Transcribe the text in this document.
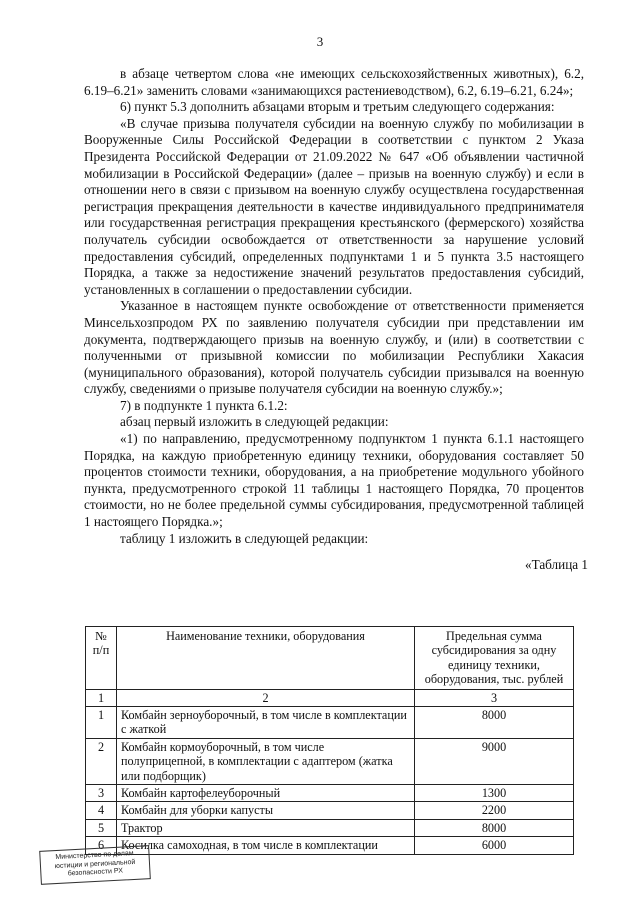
3

в абзаце четвертом слова «не имеющих сельскохозяйственных животных), 6.2, 6.19–6.21» заменить словами «занимающихся растениеводством), 6.2, 6.19–6.21, 6.24»;

6) пункт 5.3 дополнить абзацами вторым и третьим следующего содержания:

«В случае призыва получателя субсидии на военную службу по мобилизации в Вооруженные Силы Российской Федерации в соответствии с пунктом 2 Указа Президента Российской Федерации от 21.09.2022 № 647 «Об объявлении частичной мобилизации в Российской Федерации» (далее – призыв на военную службу) и если в отношении него в связи с призывом на военную службу осуществлена государственная регистрация прекращения деятельности в качестве индивидуального предпринимателя или государственная регистрация прекращения крестьянского (фермерского) хозяйства получатель субсидии освобождается от ответственности за нарушение условий предоставления субсидий, определенных подпунктами 1 и 5 пункта 3.5 настоящего Порядка, а также за недостижение значений результатов предоставления субсидий, установленных в соглашении о предоставлении субсидии.

Указанное в настоящем пункте освобождение от ответственности применяется Минсельхозпродом РХ по заявлению получателя субсидии при представлении им документа, подтверждающего призыв на военную службу, и (или) в соответствии с полученными от призывной комиссии по мобилизации Республики Хакасия (муниципального образования), которой получатель субсидии призывался на военную службу, сведениями о призыве получателя субсидии на военную службу.»;

7) в подпункте 1 пункта 6.1.2:

абзац первый изложить в следующей редакции:

«1) по направлению, предусмотренному подпунктом 1 пункта 6.1.1 настоящего Порядка, на каждую приобретенную единицу техники, оборудования составляет 50 процентов стоимости техники, оборудования, а на приобретение модульного убойного пункта, предусмотренного строкой 11 таблицы 1 настоящего Порядка, 70 процентов стоимости, но не более предельной суммы субсидирования, предусмотренной таблицей 1 настоящего Порядка.»;

таблицу 1 изложить в следующей редакции:

«Таблица 1

№ п/п	Наименование техники, оборудования	Предельная сумма субсидирования за одну единицу техники, оборудования, тыс. рублей
1	2	3
1	Комбайн зерноуборочный, в том числе в комплектации с жаткой	8000
2	Комбайн кормоуборочный, в том числе полуприцепной, в комплектации с адаптером (жатка или подборщик)	9000
3	Комбайн картофелеуборочный	1300
4	Комбайн для уборки капусты	2200
5	Трактор	8000
6	Косилка самоходная, в том числе в комплектации	6000
Министерство по делам
юстиции и региональной
безопасности РХ
